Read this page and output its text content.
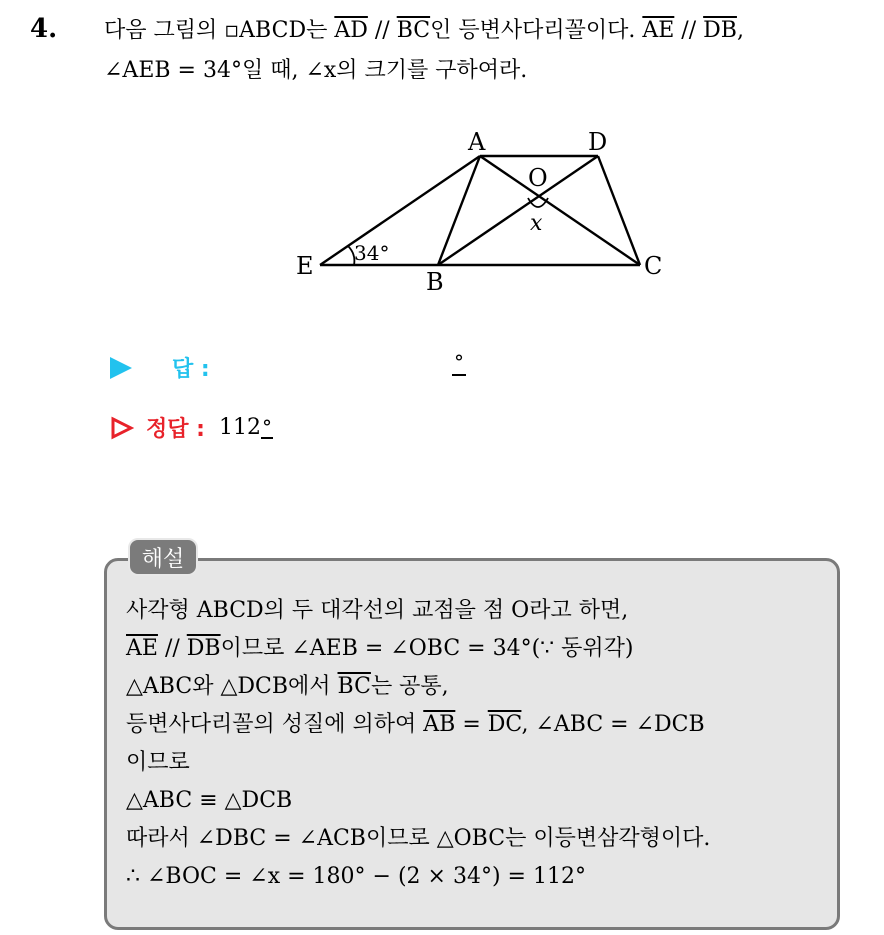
4. 다음 그림의 ▫ABCD는 $\overline{AD} // \overline{BC}$인 등변사다리꼴이다. $\overline{AE} // \overline{DB}$,
∠AEB = 34°일 때, ∠x의 크기를 구하여라.
A	D
O
x
E
B
C
34°
답 :	°
정답 : 112 °
해설
사각형 ABCD의 두 대각선의 교점을 점 O라고 하면,
$\overline{AE} // \overline{DB}$이므로 ∠AEB = ∠OBC = 34°(∵ 동위각)
△ABC와 △DCB에서 $\overline{BC}$는 공통,
등변사다리꼴의 성질에 의하여 $\overline{AB} = \overline{DC}$, ∠ABC = ∠DCB
이므로
△ABC ≡ △DCB
따라서 ∠DBC = ∠ACB이므로 △OBC는 이등변삼각형이다.
∴ ∠BOC = ∠x = 180° − (2 × 34°) = 112°
